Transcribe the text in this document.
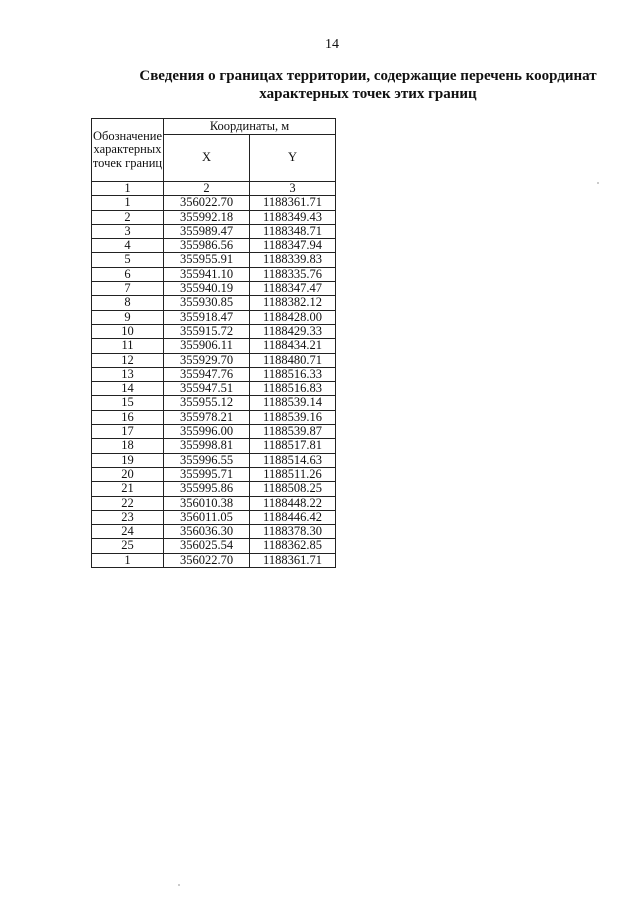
14
Сведения о границах территории, содержащие перечень координат
характерных точек этих границ
Обозначение характерных точек границ	Координаты, м	
	X	Y
1	2	3
1	356022.70	1188361.71
2	355992.18	1188349.43
3	355989.47	1188348.71
4	355986.56	1188347.94
5	355955.91	1188339.83
6	355941.10	1188335.76
7	355940.19	1188347.47
8	355930.85	1188382.12
9	355918.47	1188428.00
10	355915.72	1188429.33
11	355906.11	1188434.21
12	355929.70	1188480.71
13	355947.76	1188516.33
14	355947.51	1188516.83
15	355955.12	1188539.14
16	355978.21	1188539.16
17	355996.00	1188539.87
18	355998.81	1188517.81
19	355996.55	1188514.63
20	355995.71	1188511.26
21	355995.86	1188508.25
22	356010.38	1188448.22
23	356011.05	1188446.42
24	356036.30	1188378.30
25	356025.54	1188362.85
1	356022.70	1188361.71
